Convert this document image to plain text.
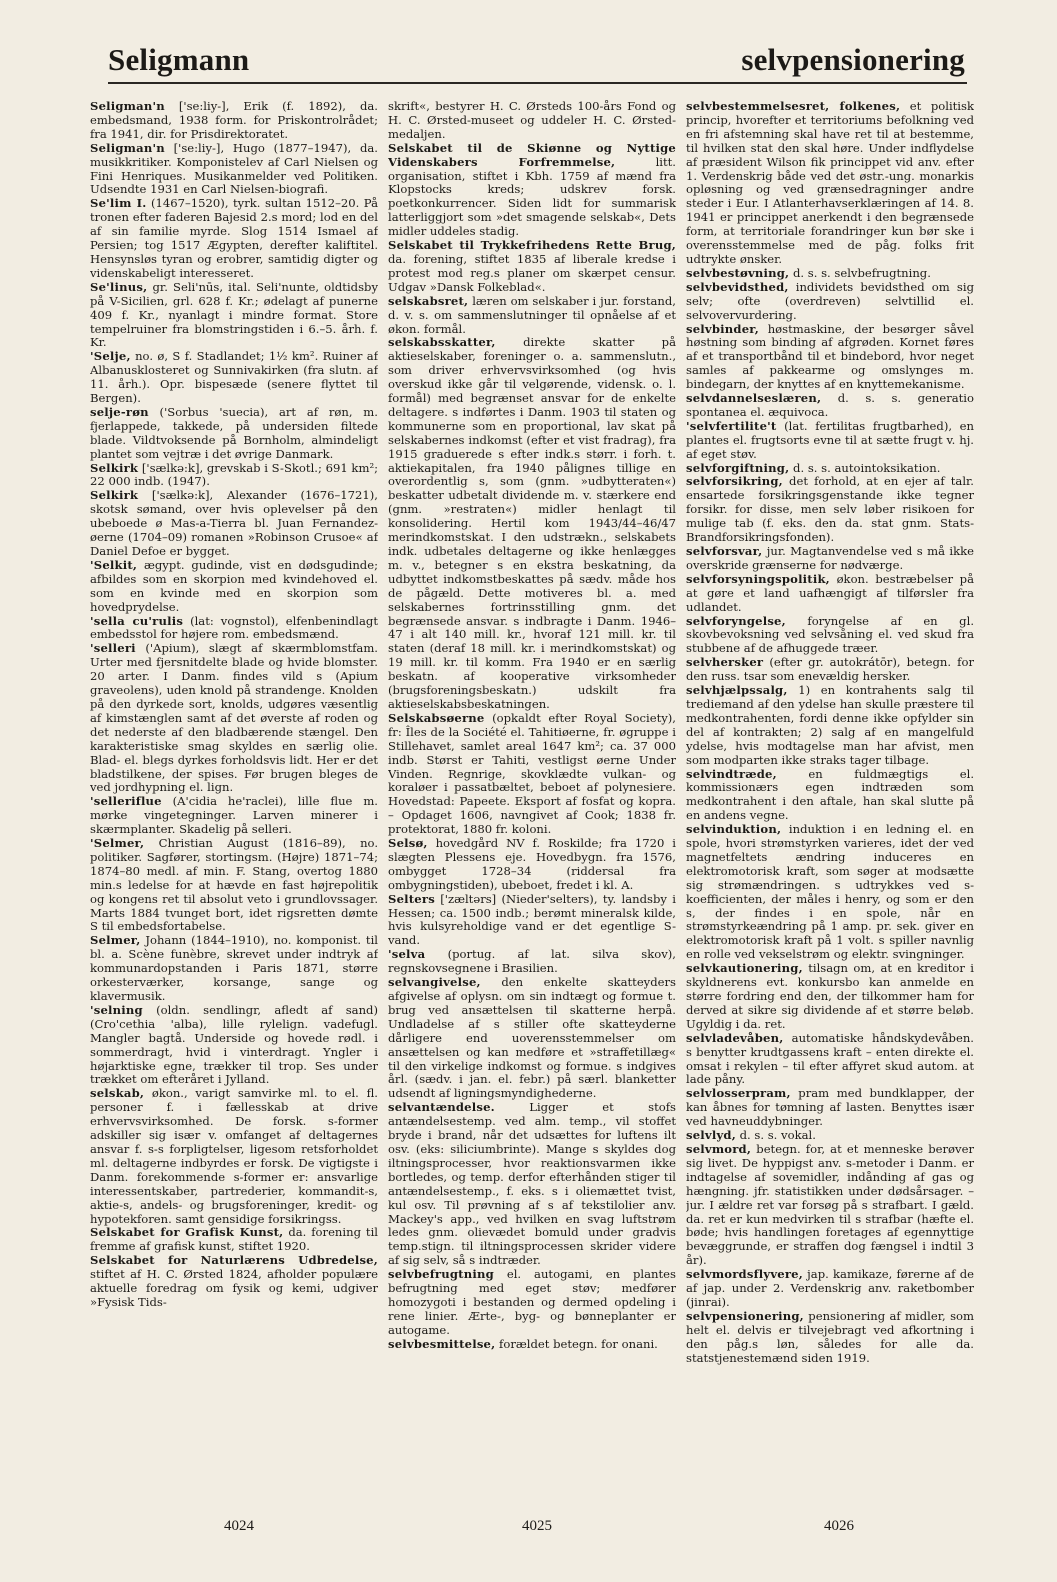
Seligmann	selvpensionering
Seligman'n ['se:liy-], Erik (f. 1892), da. embedsmand, 1938 form. for Priskontrolrådet; fra 1941, dir. for Prisdirektoratet.
Seligman'n ['se:liy-], Hugo (1877–1947), da. musikkritiker. Komponistelev af Carl Nielsen og Fini Henriques. Musikanmelder ved Politiken. Udsendte 1931 en Carl Nielsen-biografi.
Se'lim I. (1467–1520), tyrk. sultan 1512–20. På tronen efter faderen Bajesid 2.s mord; lod en del af sin familie myrde. Slog 1514 Ismael af Persien; tog 1517 Ægypten, derefter kaliftitel. Hensynsløs tyran og erobrer, samtidig digter og videnskabeligt interesseret.
Se'linus, gr. Seli'nūs, ital. Seli'nunte, oldtidsby på V-Sicilien, grl. 628 f. Kr.; ødelagt af punerne 409 f. Kr., nyanlagt i mindre format. Store tempelruiner fra blomstringstiden i 6.–5. årh. f. Kr.
'Selje, no. ø, S f. Stadlandet; 1½ km². Ruiner af Albanusklosteret og Sunnivakirken (fra slutn. af 11. årh.). Opr. bispesæde (senere flyttet til Bergen).
selje-røn ('Sorbus 'suecia), art af røn, m. fjerlappede, takkede, på undersiden filtede blade. Vildtvoksende på Bornholm, almindeligt plantet som vejtræ i det øvrige Danmark.
Selkirk ['sælkə:k], grevskab i S-Skotl.; 691 km²; 22 000 indb. (1947).
Selkirk ['sælkə:k], Alexander (1676–1721), skotsk sømand, over hvis oplevelser på den ubeboede ø Mas-a-Tierra bl. Juan Fernandez-øerne (1704–09) romanen »Robinson Crusoe« af Daniel Defoe er bygget.
'Selkit, ægypt. gudinde, vist en dødsgudinde; afbildes som en skorpion med kvindehoved el. som en kvinde med en skorpion som hovedprydelse.
'sella cu'rulis (lat: vognstol), elfenbenindlagt embedsstol for højere rom. embedsmænd.
'selleri ('Apium), slægt af skærmblomstfam. Urter med fjersnitdelte blade og hvide blomster. 20 arter. I Danm. findes vild s (Apium graveolens), uden knold på strandenge. Knolden på den dyrkede sort, knolds, udgøres væsentlig af kimstænglen samt af det øverste af roden og det nederste af den bladbærende stængel. Den karakteristiske smag skyldes en særlig olie. Blad- el. blegs dyrkes forholdsvis lidt. Her er det bladstilkene, der spises. Før brugen bleges de ved jordhypning el. lign.
'selleriflue (A'cidia he'raclei), lille flue m. mørke vingetegninger. Larven minerer i skærmplanter. Skadelig på selleri.
'Selmer, Christian August (1816–89), no. politiker. Sagfører, stortingsm. (Højre) 1871–74; 1874–80 medl. af min. F. Stang, overtog 1880 min.s ledelse for at hævde en fast højrepolitik og kongens ret til absolut veto i grundlovssager. Marts 1884 tvunget bort, idet rigsretten dømte S til embedsfortabelse.
Selmer, Johann (1844–1910), no. komponist. til bl. a. Scène funèbre, skrevet under indtryk af kommunardopstanden i Paris 1871, større orkesterværker, korsange, sange og klavermusik.
'selning (oldn. sendlingr, afledt af sand) (Cro'cethia 'alba), lille rylelign. vadefugl. Mangler bagtå. Underside og hovede rødl. i sommerdragt, hvid i vinterdragt. Yngler i højarktiske egne, trækker til trop. Ses under trækket om efteråret i Jylland.
selskab, økon., varigt samvirke ml. to el. fl. personer f. i fællesskab at drive erhvervsvirksomhed. De forsk. s-former adskiller sig især v. omfanget af deltagernes ansvar f. s-s forpligtelser, ligesom retsforholdet ml. deltagerne indbyrdes er forsk. De vigtigste i Danm. forekommende s-former er: ansvarlige interessentskaber, partrederier, kommandit-s, aktie-s, andels- og brugsforeninger, kredit- og hypotekforen. samt gensidige forsikringss.
Selskabet for Grafisk Kunst, da. forening til fremme af grafisk kunst, stiftet 1920.
Selskabet for Naturlærens Udbredelse, stiftet af H. C. Ørsted 1824, afholder populære aktuelle foredrag om fysik og kemi, udgiver »Fysisk Tids-
skrift«, bestyrer H. C. Ørsteds 100-års Fond og H. C. Ørsted-museet og uddeler H. C. Ørsted-medaljen.
Selskabet til de Skiønne og Nyttige Videnskabers Forfremmelse, litt. organisation, stiftet i Kbh. 1759 af mænd fra Klopstocks kreds; udskrev forsk. poetkonkurrencer. Siden lidt for summarisk latterliggjort som »det smagende selskab«, Dets midler uddeles stadig.
Selskabet til Trykkefrihedens Rette Brug, da. forening, stiftet 1835 af liberale kredse i protest mod reg.s planer om skærpet censur. Udgav »Dansk Folkeblad«.
selskabsret, læren om selskaber i jur. forstand, d. v. s. om sammenslutninger til opnåelse af et økon. formål.
selskabsskatter, direkte skatter på aktieselskaber, foreninger o. a. sammenslutn., som driver erhvervsvirksomhed (og hvis overskud ikke går til velgørende, vidensk. o. l. formål) med begrænset ansvar for de enkelte deltagere. s indførtes i Danm. 1903 til staten og kommunerne som en proportional, lav skat på selskabernes indkomst (efter et vist fradrag), fra 1915 graduerede s efter indk.s størr. i forh. t. aktiekapitalen, fra 1940 pålignes tillige en overordentlig s, som (gnm. »udbytteraten«) beskatter udbetalt dividende m. v. stærkere end (gnm. »restraten«) midler henlagt til konsolidering. Hertil kom 1943/44–46/47 merindkomstskat. I den udstrækn., selskabets indk. udbetales deltagerne og ikke henlægges m. v., betegner s en ekstra beskatning, da udbyttet indkomstbeskattes på sædv. måde hos de pågæld. Dette motiveres bl. a. med selskabernes fortrinsstilling gnm. det begrænsede ansvar. s indbragte i Danm. 1946–47 i alt 140 mill. kr., hvoraf 121 mill. kr. til staten (deraf 18 mill. kr. i merindkomstskat) og 19 mill. kr. til komm. Fra 1940 er en særlig beskatn. af kooperative virksomheder (brugsforeningsbeskatn.) udskilt fra aktieselskabsbeskatningen.
Selskabsøerne (opkaldt efter Royal Society), fr: Îles de la Société el. Tahitiøerne, fr. øgruppe i Stillehavet, samlet areal 1647 km²; ca. 37 000 indb. Størst er Tahiti, vestligst øerne Under Vinden. Regnrige, skovklædte vulkan- og koraløer i passatbæltet, beboet af polynesiere. Hovedstad: Papeete. Eksport af fosfat og kopra. – Opdaget 1606, navngivet af Cook; 1838 fr. protektorat, 1880 fr. koloni.
Selsø, hovedgård NV f. Roskilde; fra 1720 i slægten Plessens eje. Hovedbygn. fra 1576, ombygget 1728–34 (riddersal fra ombygningstiden), ubeboet, fredet i kl. A.
Selters ['zæltərs] (Nieder'selters), ty. landsby i Hessen; ca. 1500 indb.; berømt mineralsk kilde, hvis kulsyreholdige vand er det egentlige S-vand.
'selva (portug. af lat. silva skov), regnskovsegnene i Brasilien.
selvangivelse, den enkelte skatteyders afgivelse af oplysn. om sin indtægt og formue t. brug ved ansættelsen til skatterne herpå. Undladelse af s stiller ofte skatteyderne dårligere end uoverensstemmelser om ansættelsen og kan medføre et »straffetillæg« til den virkelige indkomst og formue. s indgives årl. (sædv. i jan. el. febr.) på særl. blanketter udsendt af ligningsmyndighederne.
selvantændelse. Ligger et stofs antændelsestemp. ved alm. temp., vil stoffet bryde i brand, når det udsættes for luftens ilt osv. (eks: siliciumbrinte). Mange s skyldes dog iltningsprocesser, hvor reaktionsvarmen ikke bortledes, og temp. derfor efterhånden stiger til antændelsestemp., f. eks. s i oliemættet tvist, kul osv. Til prøvning af s af tekstilolier anv. Mackey's app., ved hvilken en svag luftstrøm ledes gnm. olievædet bomuld under gradvis temp.stign. til iltningsprocessen skrider videre af sig selv, så s indtræder.
selvbefrugtning el. autogami, en plantes befrugtning med eget støv; medfører homozygoti i bestanden og dermed opdeling i rene linier. Ærte-, byg- og bønneplanter er autogame.
selvbesmittelse, forældet betegn. for onani.
selvbestemmelsesret, folkenes, et politisk princip, hvorefter et territoriums befolkning ved en fri afstemning skal have ret til at bestemme, til hvilken stat den skal høre. Under indflydelse af præsident Wilson fik princippet vid anv. efter 1. Verdenskrig både ved det østr.-ung. monarkis opløsning og ved grænsedragninger andre steder i Eur. I Atlanterhavserklæringen af 14. 8. 1941 er princippet anerkendt i den begrænsede form, at territoriale forandringer kun bør ske i overensstemmelse med de påg. folks frit udtrykte ønsker.
selvbestøvning, d. s. s. selvbefrugtning.
selvbevidsthed, individets bevidsthed om sig selv; ofte (overdreven) selvtillid el. selvovervurdering.
selvbinder, høstmaskine, der besørger såvel høstning som binding af afgrøden. Kornet føres af et transportbånd til et bindebord, hvor neget samles af pakkearme og omslynges m. bindegarn, der knyttes af en knyttemekanisme.
selvdannelseslæren, d. s. s. generatio spontanea el. æquivoca.
'selvfertilite't (lat. fertilitas frugtbarhed), en plantes el. frugtsorts evne til at sætte frugt v. hj. af eget støv.
selvforgiftning, d. s. s. autointoksikation.
selvforsikring, det forhold, at en ejer af talr. ensartede forsikringsgenstande ikke tegner forsikr. for disse, men selv løber risikoen for mulige tab (f. eks. den da. stat gnm. Stats-Brandforsikringsfonden).
selvforsvar, jur. Magtanvendelse ved s må ikke overskride grænserne for nødværge.
selvforsyningspolitik, økon. bestræbelser på at gøre et land uafhængigt af tilførsler fra udlandet.
selvforyngelse, foryngelse af en gl. skovbevoksning ved selvsåning el. ved skud fra stubbene af de afhuggede træer.
selvhersker (efter gr. autokrátōr), betegn. for den russ. tsar som enevældig hersker.
selvhjælpssalg, 1) en kontrahents salg til trediemand af den ydelse han skulle præstere til medkontrahenten, fordi denne ikke opfylder sin del af kontrakten; 2) salg af en mangelfuld ydelse, hvis modtagelse man har afvist, men som modparten ikke straks tager tilbage.
selvindtræde, en fuldmægtigs el. kommissionærs egen indtræden som medkontrahent i den aftale, han skal slutte på en andens vegne.
selvinduktion, induktion i en ledning el. en spole, hvori strømstyrken varieres, idet der ved magnetfeltets ændring induceres en elektromotorisk kraft, som søger at modsætte sig strømændringen. s udtrykkes ved s-koefficienten, der måles i henry, og som er den s, der findes i en spole, når en strømstyrkeændring på 1 amp. pr. sek. giver en elektromotorisk kraft på 1 volt. s spiller navnlig en rolle ved vekselstrøm og elektr. svingninger.
selvkautionering, tilsagn om, at en kreditor i skyldnerens evt. konkursbo kan anmelde en større fordring end den, der tilkommer ham for derved at sikre sig dividende af et større beløb. Ugyldig i da. ret.
selvladevåben, automatiske håndskydevåben. s benytter krudtgassens kraft – enten direkte el. omsat i rekylen – til efter affyret skud autom. at lade påny.
selvlosserpram, pram med bundklapper, der kan åbnes for tømning af lasten. Benyttes især ved havneuddybninger.
selvlyd, d. s. s. vokal.
selvmord, betegn. for, at et menneske berøver sig livet. De hyppigst anv. s-metoder i Danm. er indtagelse af sovemidler, indånding af gas og hængning. jfr. statistikken under dødsårsager. – jur. I ældre ret var forsøg på s strafbart. I gæld. da. ret er kun medvirken til s strafbar (hæfte el. bøde; hvis handlingen foretages af egennyttige bevæggrunde, er straffen dog fængsel i indtil 3 år).
selvmordsflyvere, jap. kamikaze, førerne af de af jap. under 2. Verdenskrig anv. raketbomber (jinrai).
selvpensionering, pensionering af midler, som helt el. delvis er tilvejebragt ved afkortning i den påg.s løn, således for alle da. statstjenestemænd siden 1919.
4024	4025	4026
